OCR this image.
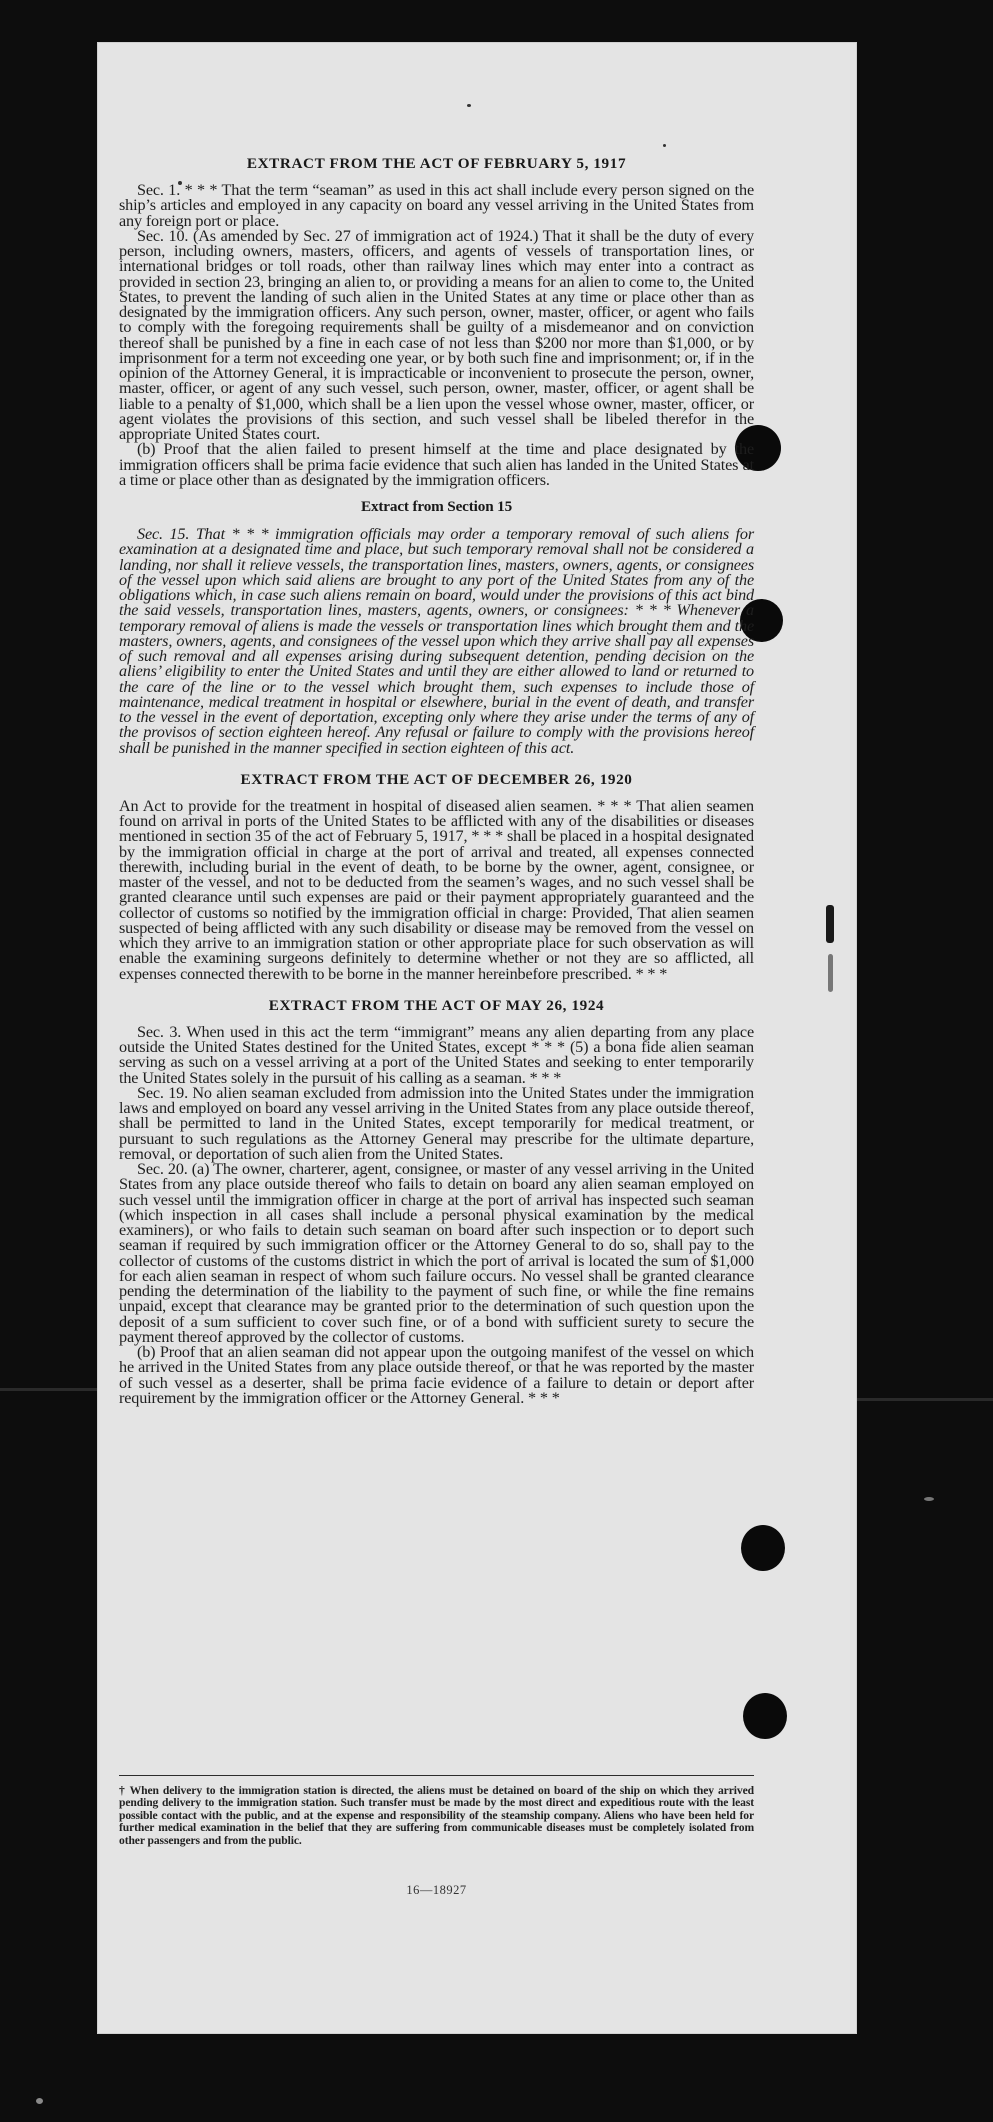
EXTRACT FROM THE ACT OF FEBRUARY 5, 1917

Sec. 1. * * * That the term “seaman” as used in this act shall include every person signed on the ship’s articles and employed in any capacity on board any vessel arriving in the United States from any foreign port or place.

Sec. 10. (As amended by Sec. 27 of immigration act of 1924.) That it shall be the duty of every person, including owners, masters, officers, and agents of vessels of transportation lines, or international bridges or toll roads, other than railway lines which may enter into a contract as provided in section 23, bringing an alien to, or providing a means for an alien to come to, the United States, to prevent the landing of such alien in the United States at any time or place other than as designated by the immigration officers. Any such person, owner, master, officer, or agent who fails to comply with the foregoing requirements shall be guilty of a misdemeanor and on conviction thereof shall be punished by a fine in each case of not less than $200 nor more than $1,000, or by imprisonment for a term not exceeding one year, or by both such fine and imprisonment; or, if in the opinion of the Attorney General, it is impracticable or inconvenient to prosecute the person, owner, master, officer, or agent of any such vessel, such person, owner, master, officer, or agent shall be liable to a penalty of $1,000, which shall be a lien upon the vessel whose owner, master, officer, or agent violates the provisions of this section, and such vessel shall be libeled therefor in the appropriate United States court.

(b) Proof that the alien failed to present himself at the time and place designated by the immigration officers shall be prima facie evidence that such alien has landed in the United States at a time or place other than as designated by the immigration officers.

Extract from Section 15

Sec. 15. That * * * immigration officials may order a temporary removal of such aliens for examination at a designated time and place, but such temporary removal shall not be considered a landing, nor shall it relieve vessels, the transportation lines, masters, owners, agents, or consignees of the vessel upon which said aliens are brought to any port of the United States from any of the obligations which, in case such aliens remain on board, would under the provisions of this act bind the said vessels, transportation lines, masters, agents, owners, or consignees: * * * Whenever a temporary removal of aliens is made the vessels or transportation lines which brought them and the masters, owners, agents, and consignees of the vessel upon which they arrive shall pay all expenses of such removal and all expenses arising during subsequent detention, pending decision on the aliens’ eligibility to enter the United States and until they are either allowed to land or returned to the care of the line or to the vessel which brought them, such expenses to include those of maintenance, medical treatment in hospital or elsewhere, burial in the event of death, and transfer to the vessel in the event of deportation, excepting only where they arise under the terms of any of the provisos of section eighteen hereof. Any refusal or failure to comply with the provisions hereof shall be punished in the manner specified in section eighteen of this act.

EXTRACT FROM THE ACT OF DECEMBER 26, 1920

An Act to provide for the treatment in hospital of diseased alien seamen. * * * That alien seamen found on arrival in ports of the United States to be afflicted with any of the disabilities or diseases mentioned in section 35 of the act of February 5, 1917, * * * shall be placed in a hospital designated by the immigration official in charge at the port of arrival and treated, all expenses connected therewith, including burial in the event of death, to be borne by the owner, agent, consignee, or master of the vessel, and not to be deducted from the seamen’s wages, and no such vessel shall be granted clearance until such expenses are paid or their payment appropriately guaranteed and the collector of customs so notified by the immigration official in charge: Provided, That alien seamen suspected of being afflicted with any such disability or disease may be removed from the vessel on which they arrive to an immigration station or other appropriate place for such observation as will enable the examining surgeons definitely to determine whether or not they are so afflicted, all expenses connected therewith to be borne in the manner hereinbefore prescribed. * * *

EXTRACT FROM THE ACT OF MAY 26, 1924

Sec. 3. When used in this act the term “immigrant” means any alien departing from any place outside the United States destined for the United States, except * * * (5) a bona fide alien seaman serving as such on a vessel arriving at a port of the United States and seeking to enter temporarily the United States solely in the pursuit of his calling as a seaman. * * *

Sec. 19. No alien seaman excluded from admission into the United States under the immigration laws and employed on board any vessel arriving in the United States from any place outside thereof, shall be permitted to land in the United States, except temporarily for medical treatment, or pursuant to such regulations as the Attorney General may prescribe for the ultimate departure, removal, or deportation of such alien from the United States.

Sec. 20. (a) The owner, charterer, agent, consignee, or master of any vessel arriving in the United States from any place outside thereof who fails to detain on board any alien seaman employed on such vessel until the immigration officer in charge at the port of arrival has inspected such seaman (which inspection in all cases shall include a personal physical examination by the medical examiners), or who fails to detain such seaman on board after such inspection or to deport such seaman if required by such immigration officer or the Attorney General to do so, shall pay to the collector of customs of the customs district in which the port of arrival is located the sum of $1,000 for each alien seaman in respect of whom such failure occurs. No vessel shall be granted clearance pending the determination of the liability to the payment of such fine, or while the fine remains unpaid, except that clearance may be granted prior to the determination of such question upon the deposit of a sum sufficient to cover such fine, or of a bond with sufficient surety to secure the payment thereof approved by the collector of customs.

(b) Proof that an alien seaman did not appear upon the outgoing manifest of the vessel on which he arrived in the United States from any place outside thereof, or that he was reported by the master of such vessel as a deserter, shall be prima facie evidence of a failure to detain or deport after requirement by the immigration officer or the Attorney General. * * *

† When delivery to the immigration station is directed, the aliens must be detained on board of the ship on which they arrived pending delivery to the immigration station. Such transfer must be made by the most direct and expeditious route with the least possible contact with the public, and at the expense and responsibility of the steamship company. Aliens who have been held for further medical examination in the belief that they are suffering from communicable diseases must be completely isolated from other passengers and from the public.
16—18927
